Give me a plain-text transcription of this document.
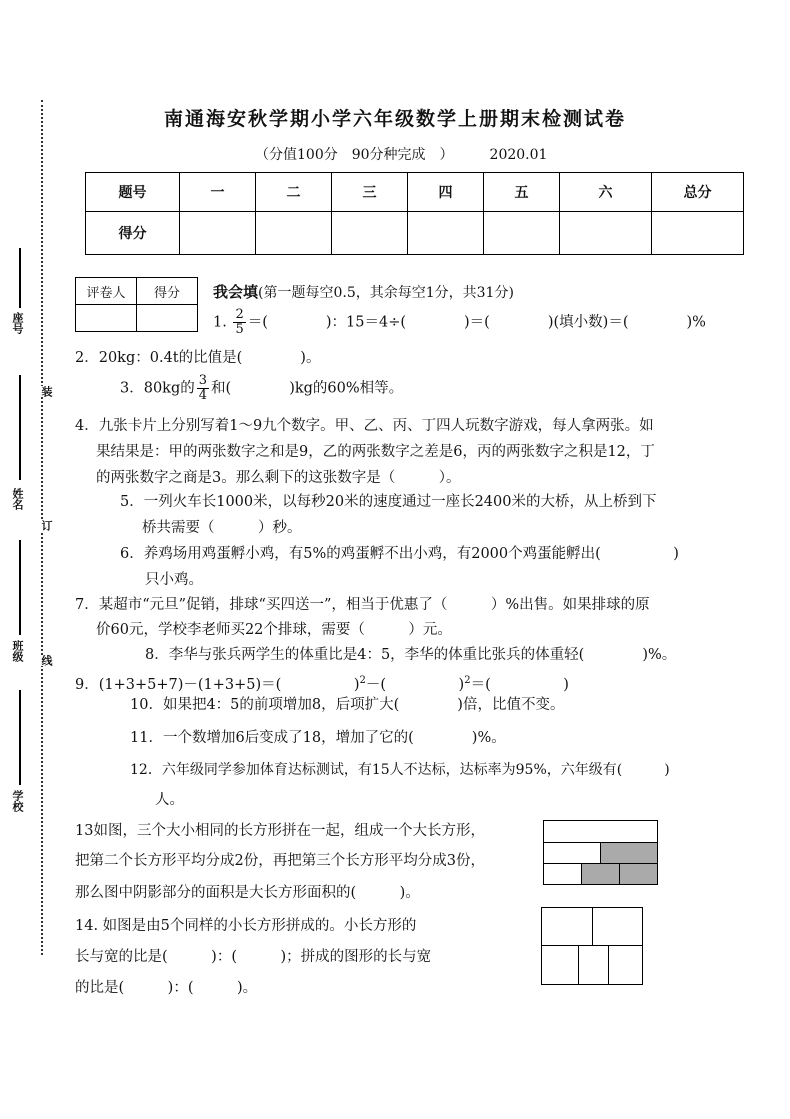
座号
姓名
班级
学校
装
订
线
南通海安秋学期小学六年级数学上册期末检测试卷
（分值100分　90分种完成　）	2020.01
题号	一	二	三	四	五	六	总分
得分							
评卷人	得分
	我会填(第一题每空0.5，其余每空1分，共31分)
1. $\frac{2}{5}$ ＝(　　　　)：15＝4÷(　　　　)＝(　　　　)(填小数)＝(　　　　)%
2．20kg：0.4t的比值是(　　　　)。
3．80kg的 $\frac{3}{4}$ 和(　　　　)kg的60%相等。
4．九张卡片上分别写着1～9九个数字。甲、乙、丙、丁四人玩数字游戏，每人拿两张。如
果结果是：甲的两张数字之和是9，乙的两张数字之差是6，丙的两张数字之积是12，丁
的两张数字之商是3。那么剩下的这张数字是（　　　）。
5．一列火车长1000米，以每秒20米的速度通过一座长2400米的大桥，从上桥到下
桥共需要（　　　）秒。
6．养鸡场用鸡蛋孵小鸡，有5%的鸡蛋孵不出小鸡，有2000个鸡蛋能孵出(　　　　　)
只小鸡。
7．某超市“元旦”促销，排球“买四送一”，相当于优惠了（　　　）%出售。如果排球的原
价60元，学校李老师买22个排球，需要（　　　）元。
8．李华与张兵两学生的体重比是4：5，李华的体重比张兵的体重轻(　　　　)%。
9．(1+3+5+7)－(1+3+5)＝(　　　　　)$^2$－(　　　　　)$^2$＝(　　　　　)
10．如果把4：5的前项增加8，后项扩大(　　　　)倍，比值不变。
11．一个数增加6后变成了18，增加了它的(　　　　)%。
12．六年级同学参加体育达标测试，有15人不达标，达标率为95%，六年级有(　　　)
人。
13如图，三个大小相同的长方形拼在一起，组成一个大长方形，
把第二个长方形平均分成2份，再把第三个长方形平均分成3份，
那么图中阴影部分的面积是大长方形面积的(　　　)。
14. 如图是由5个同样的小长方形拼成的。小长方形的
长与宽的比是(　　　)：(　　　)；拼成的图形的长与宽
的比是(　　　)：(　　　)。
